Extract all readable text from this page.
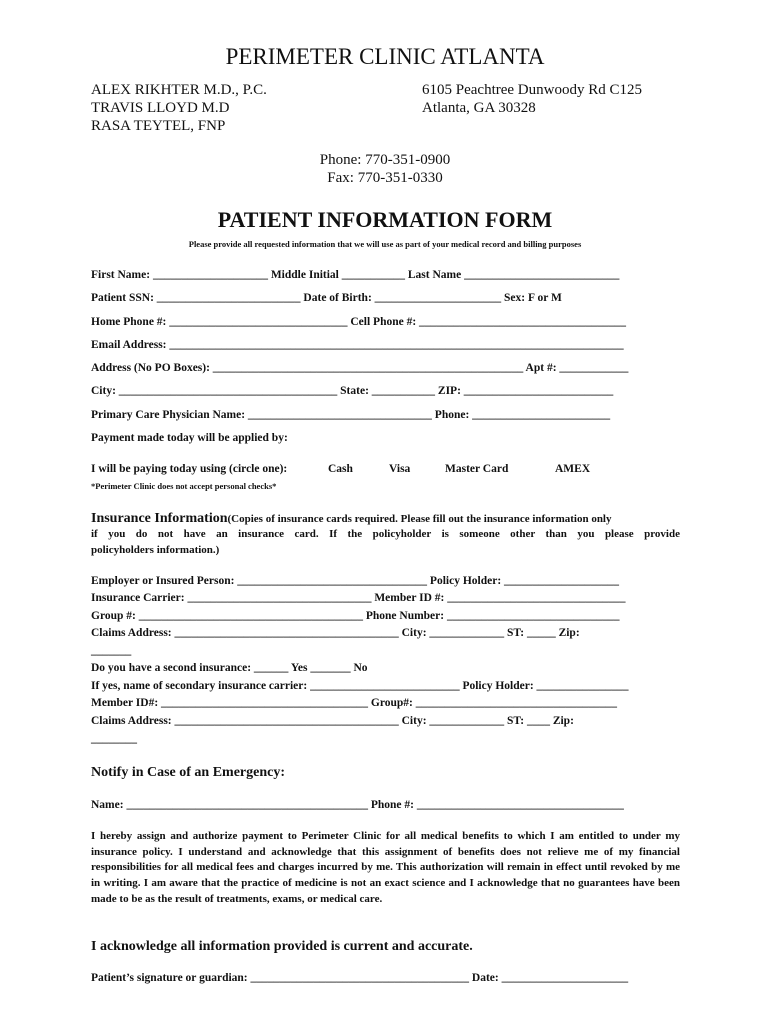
PERIMETER CLINIC ATLANTA
ALEX RIKHTER M.D., P.C.
TRAVIS LLOYD M.D
RASA TEYTEL, FNP
6105 Peachtree Dunwoody Rd C125
Atlanta, GA 30328
Phone: 770-351-0900
Fax: 770-351-0330
PATIENT INFORMATION FORM
Please provide all requested information that we will use as part of your medical record and billing purposes
First Name: ____________________ Middle Initial ___________ Last Name ___________________________
Patient SSN: _________________________ Date of Birth: ______________________ Sex: F or M
Home Phone #: _______________________________ Cell Phone #: ____________________________________
Email Address: _______________________________________________________________________________
Address (No PO Boxes): ______________________________________________________ Apt #: ____________
City: ______________________________________ State: ___________ ZIP: __________________________
Primary Care Physician Name: ________________________________ Phone: ________________________
Payment made today will be applied by:
I will be paying today using (circle one):	Cash	Visa	Master Card	AMEX
*Perimeter Clinic does not accept personal checks*
Insurance Information(Copies of insurance cards required. Please fill out the insurance information only
if you do not have an insurance card. If the policyholder is someone other than you please provide
policyholders information.)
Employer or Insured Person: _________________________________ Policy Holder: ____________________
Insurance Carrier: ________________________________ Member ID #: _______________________________
Group #: _______________________________________ Phone Number: ______________________________
Claims Address: _______________________________________ City: _____________ ST: _____ Zip:
_______
Do you have a second insurance: ______ Yes _______ No
If yes, name of secondary insurance carrier: __________________________ Policy Holder: ________________
Member ID#: ____________________________________ Group#: ___________________________________
Claims Address: _______________________________________ City: _____________ ST: ____ Zip:
________
Notify in Case of an Emergency:
Name: __________________________________________ Phone #: ____________________________________
I hereby assign and authorize payment to Perimeter Clinic for all medical benefits to which I am entitled to under my insurance policy. I understand and acknowledge that this assignment of benefits does not relieve me of my financial responsibilities for all medical fees and charges incurred by me. This authorization will remain in effect until revoked by me in writing. I am aware that the practice of medicine is not an exact science and I acknowledge that no guarantees have been made to be as the result of treatments, exams, or medical care.
I acknowledge all information provided is current and accurate.
Patient’s signature or guardian: ______________________________________ Date: ______________________
